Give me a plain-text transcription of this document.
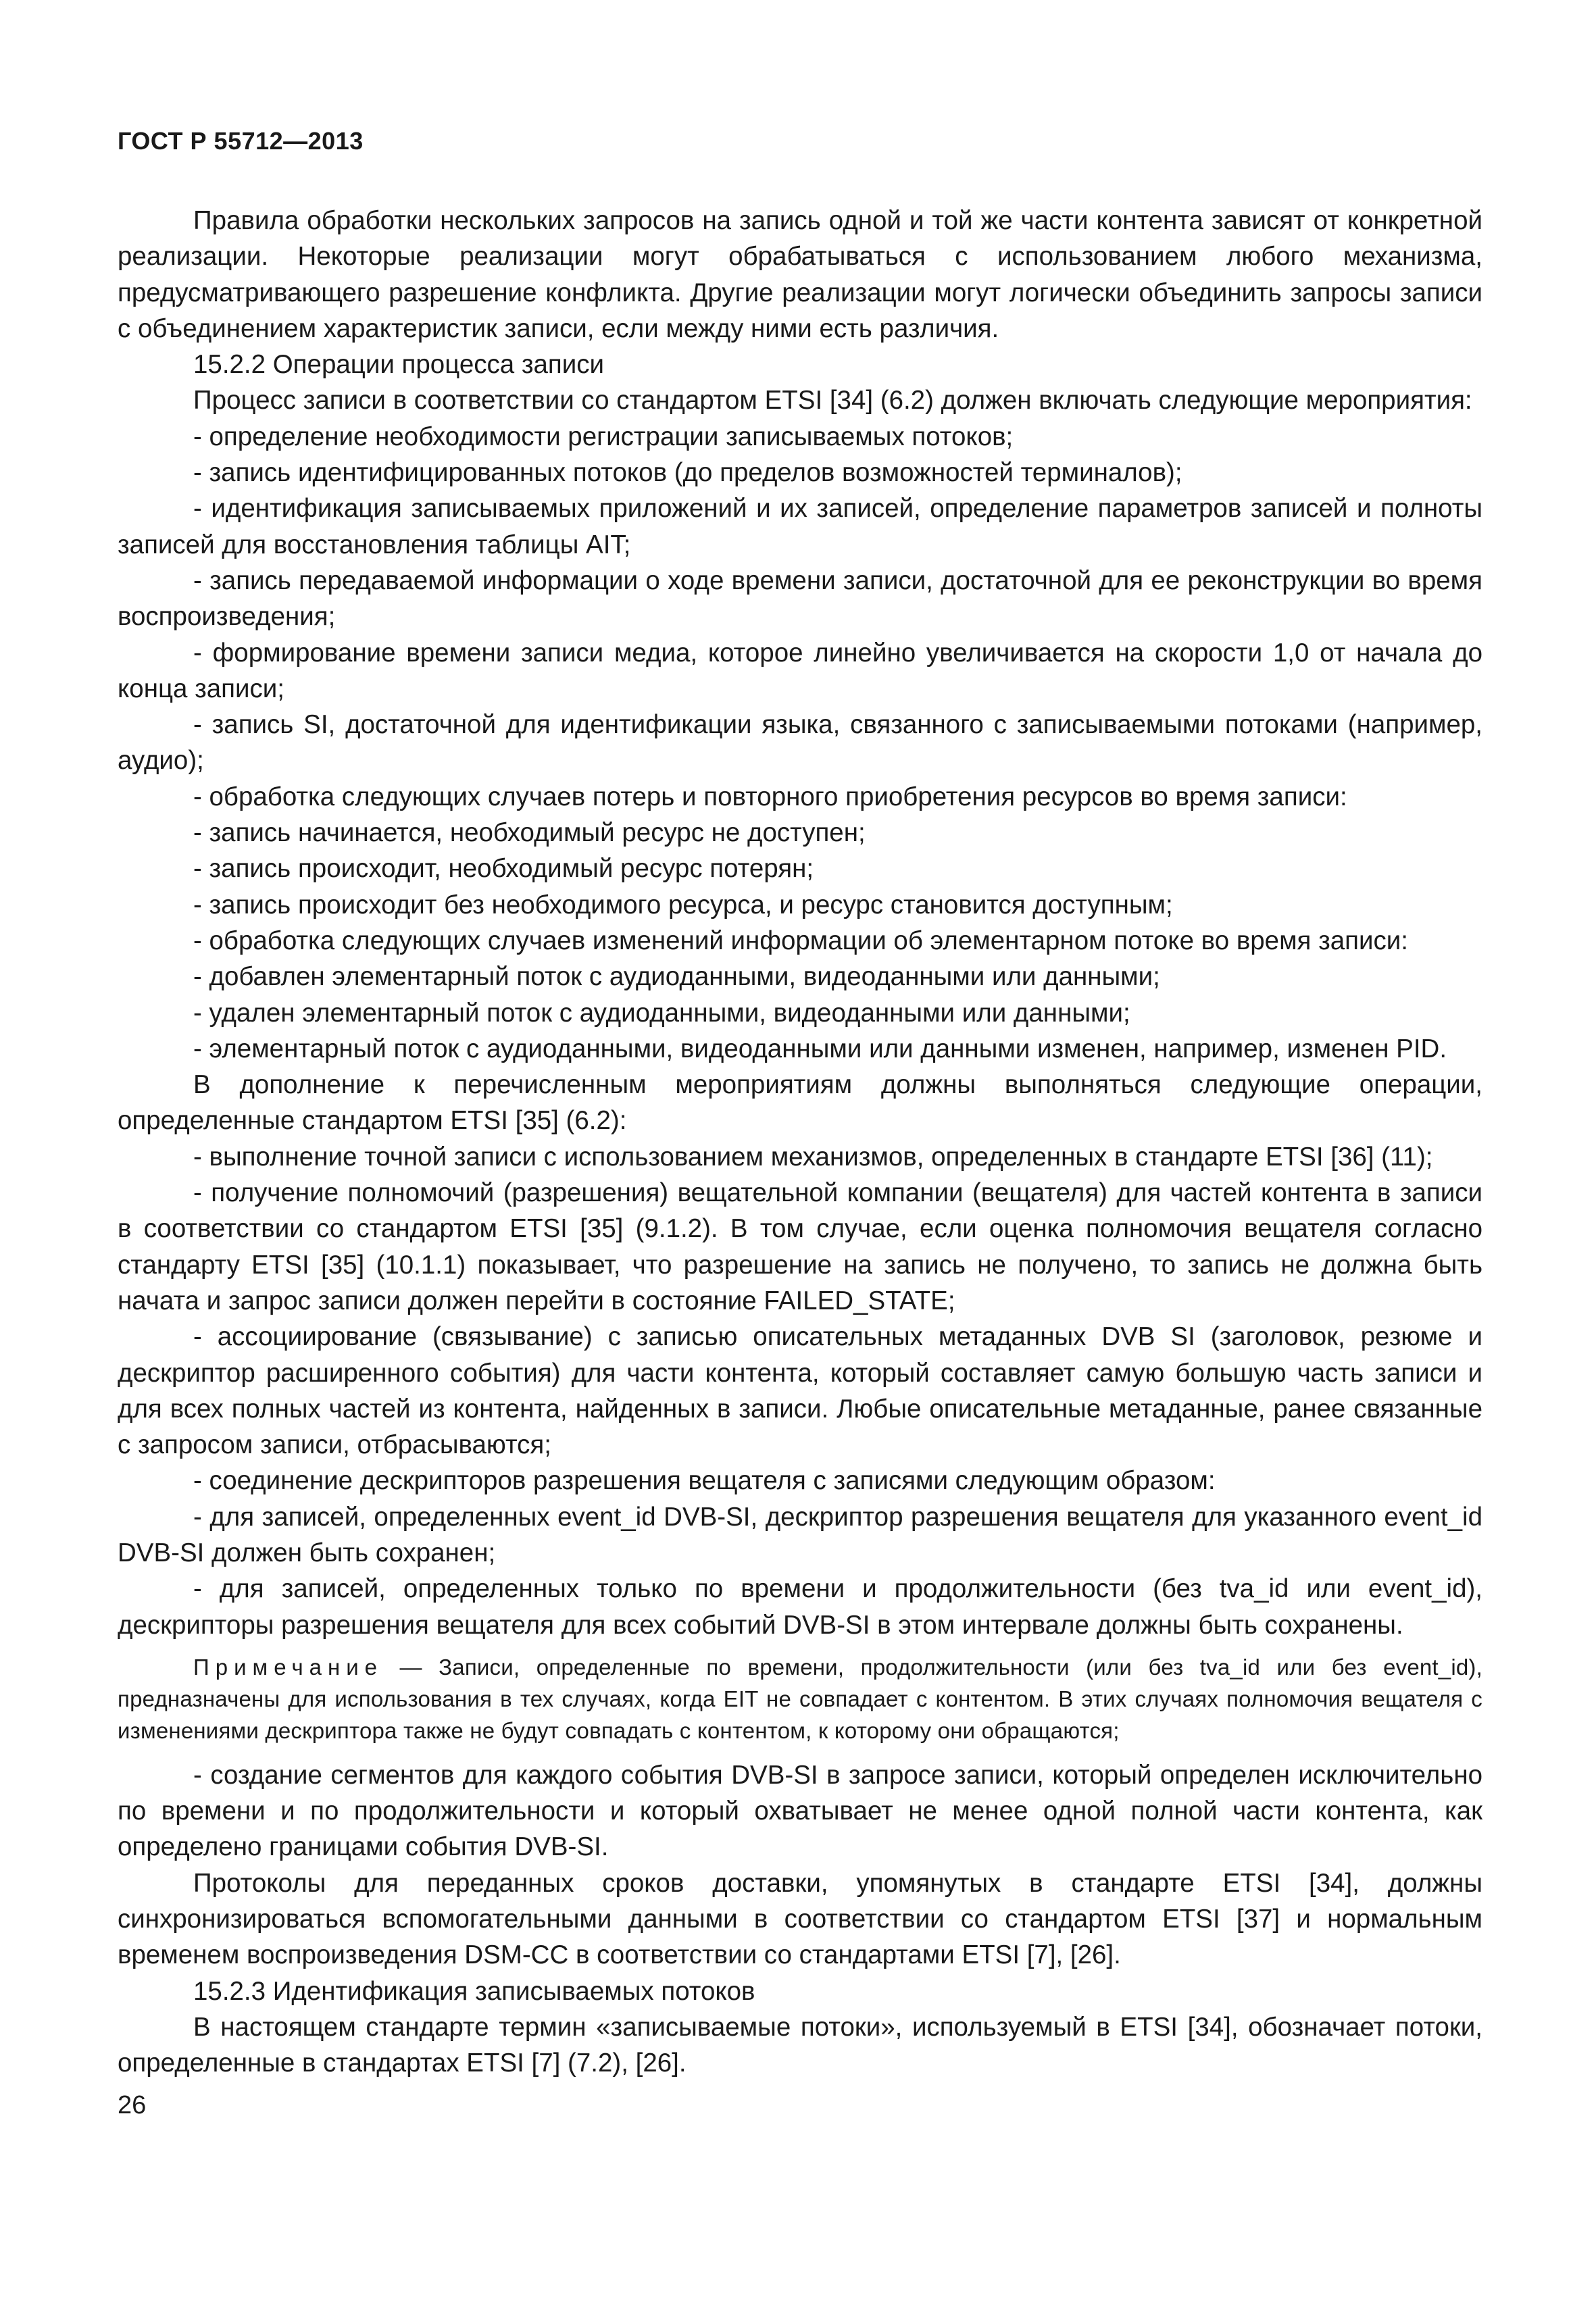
ГОСТ Р 55712—2013

Правила обработки нескольких запросов на запись одной и той же части контента зависят от конкретной реализации. Некоторые реализации могут обрабатываться с использованием любого механизма, предусматривающего разрешение конфликта. Другие реализации могут логически объединить запросы записи с объединением характеристик записи, если между ними есть различия.

15.2.2 Операции процесса записи

Процесс записи в соответствии со стандартом ETSI [34] (6.2) должен включать следующие мероприятия:

- определение необходимости регистрации записываемых потоков;

- запись идентифицированных потоков (до пределов возможностей терминалов);

- идентификация записываемых приложений и их записей, определение параметров записей и полноты записей для восстановления таблицы AIT;

- запись передаваемой информации о ходе времени записи, достаточной для ее реконструкции во время воспроизведения;

- формирование времени записи медиа, которое линейно увеличивается на скорости 1,0 от начала до конца записи;

- запись SI, достаточной для идентификации языка, связанного с записываемыми потоками (например, аудио);

- обработка следующих случаев потерь и повторного приобретения ресурсов во время записи:

- запись начинается, необходимый ресурс не доступен;

- запись происходит, необходимый ресурс потерян;

- запись происходит без необходимого ресурса, и ресурс становится доступным;

- обработка следующих случаев изменений информации об элементарном потоке во время записи:

- добавлен элементарный поток с аудиоданными, видеоданными или данными;

- удален элементарный поток с аудиоданными, видеоданными или данными;

- элементарный поток с аудиоданными, видеоданными или данными изменен, например, изменен PID.

В дополнение к перечисленным мероприятиям должны выполняться следующие операции, определенные стандартом ETSI [35] (6.2):

- выполнение точной записи с использованием механизмов, определенных в стандарте ETSI [36] (11);

- получение полномочий (разрешения) вещательной компании (вещателя) для частей контента в записи в соответствии со стандартом ETSI [35] (9.1.2). В том случае, если оценка полномочия вещателя согласно стандарту ETSI [35] (10.1.1) показывает, что разрешение на запись не получено, то запись не должна быть начата и запрос записи должен перейти в состояние FAILED_STATE;

- ассоциирование (связывание) с записью описательных метаданных DVB SI (заголовок, резюме и дескриптор расширенного события) для части контента, который составляет самую большую часть записи и для всех полных частей из контента, найденных в записи. Любые описательные метаданные, ранее связанные с запросом записи, отбрасываются;

- соединение дескрипторов разрешения вещателя с записями следующим образом:

- для записей, определенных event_id DVB-SI, дескриптор разрешения вещателя для указанного event_id DVB-SI должен быть сохранен;

- для записей, определенных только по времени и продолжительности (без tva_id или event_id), дескрипторы разрешения вещателя для всех событий DVB-SI в этом интервале должны быть сохранены.

Примечание — Записи, определенные по времени, продолжительности (или без tva_id или без event_id), предназначены для использования в тех случаях, когда EIT не совпадает с контентом. В этих случаях полномочия вещателя с изменениями дескриптора также не будут совпадать с контентом, к которому они обращаются;

- создание сегментов для каждого события DVB-SI в запросе записи, который определен исключительно по времени и по продолжительности и который охватывает не менее одной полной части контента, как определено границами события DVB-SI.

Протоколы для переданных сроков доставки, упомянутых в стандарте ETSI [34], должны синхронизироваться вспомогательными данными в соответствии со стандартом ETSI [37] и нормальным временем воспроизведения DSM-CC в соответствии со стандартами ETSI [7], [26].

15.2.3 Идентификация записываемых потоков

В настоящем стандарте термин «записываемые потоки», используемый в ETSI [34], обозначает потоки, определенные в стандартах ETSI [7] (7.2), [26].

26
